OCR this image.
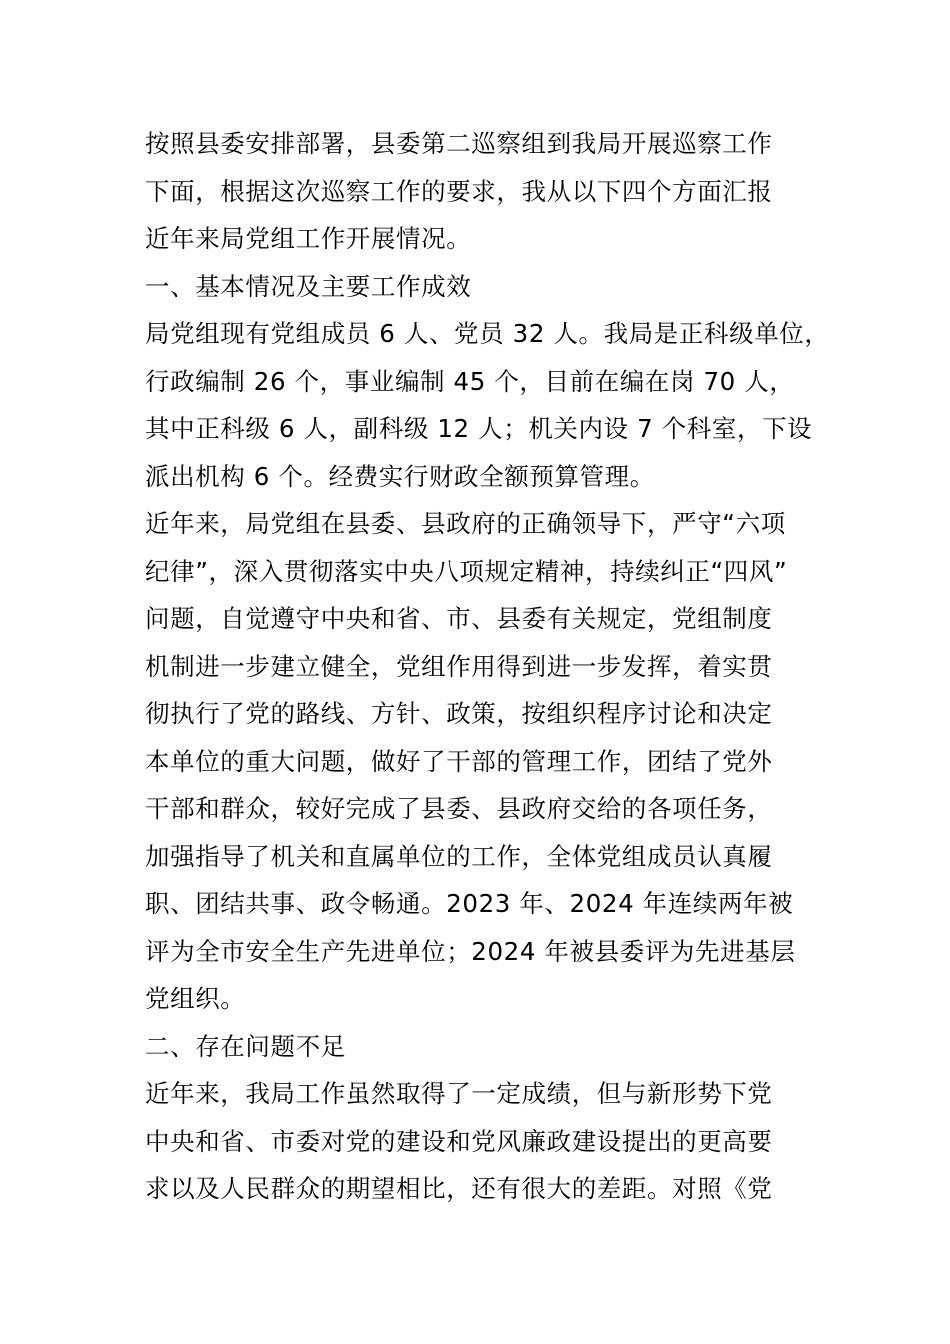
按照县委安排部署，县委第二巡察组到我局开展巡察工作
下面，根据这次巡察工作的要求，我从以下四个方面汇报
近年来局党组工作开展情况。
一、基本情况及主要工作成效
局党组现有党组成员 6 人、党员 32 人。我局是正科级单位，
行政编制 26 个，事业编制 45 个，目前在编在岗 70 人，
其中正科级 6 人，副科级 12 人；机关内设 7 个科室，下设
派出机构 6 个。经费实行财政全额预算管理。
近年来，局党组在县委、县政府的正确领导下，严守“六项
纪律”，深入贯彻落实中央八项规定精神，持续纠正“四风”
问题，自觉遵守中央和省、市、县委有关规定，党组制度
机制进一步建立健全，党组作用得到进一步发挥，着实贯
彻执行了党的路线、方针、政策，按组织程序讨论和决定
本单位的重大问题，做好了干部的管理工作，团结了党外
干部和群众，较好完成了县委、县政府交给的各项任务，
加强指导了机关和直属单位的工作，全体党组成员认真履
职、团结共事、政令畅通。2023 年、2024 年连续两年被
评为全市安全生产先进单位；2024 年被县委评为先进基层
党组织。
二、存在问题不足
近年来，我局工作虽然取得了一定成绩，但与新形势下党
中央和省、市委对党的建设和党风廉政建设提出的更高要
求以及人民群众的期望相比，还有很大的差距。对照《党
